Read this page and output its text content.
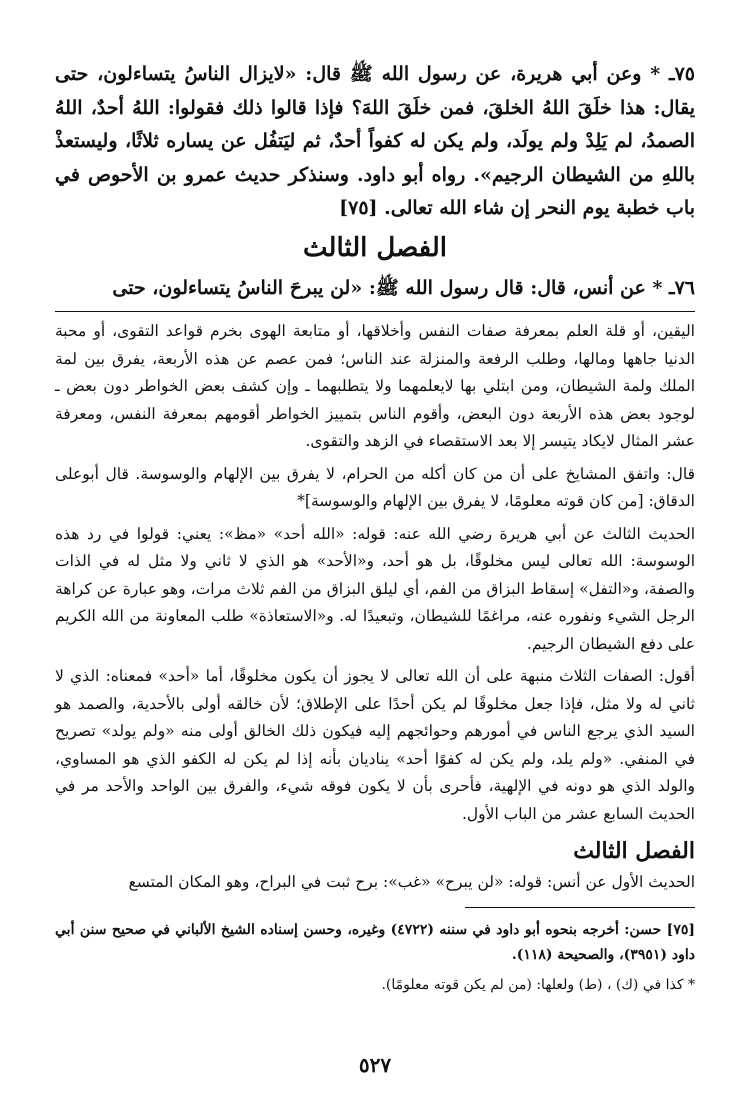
٧٥ـ * وعن أبي هريرة، عن رسول الله ﷺ قال: «لايزال الناسُ يتساءلون، حتى يقال: هذا خلَقَ اللهُ الخلقَ، فمن خلَقَ اللهَ؟ فإذا قالوا ذلك فقولوا: اللهُ أحدٌ، اللهُ الصمدُ، لم يَلِدْ ولم يولَد، ولم يكن له كفواً أحدٌ، ثم ليَتفُل عن يساره ثلاثًا، وليستعذْ باللهِ من الشيطان الرجيم». رواه أبو داود. وسنذكر حديث عمرو بن الأحوص في باب خطبة يوم النحر إن شاء الله تعالى. [٧٥]

الفصل الثالث

٧٦ـ * عن أنس، قال: قال رسول الله ﷺ: «لن يبرحَ الناسُ يتساءلون، حتى

اليقين، أو قلة العلم بمعرفة صفات النفس وأخلاقها، أو متابعة الهوى بخرم قواعد التقوى، أو محبة الدنيا جاهها ومالها، وطلب الرفعة والمنزلة عند الناس؛ فمن عصم عن هذه الأربعة، يفرق بين لمة الملك ولمة الشيطان، ومن ابتلي بها لايعلمهما ولا يتطلبهما ـ وإن كشف بعض الخواطر دون بعض ـ لوجود بعض هذه الأربعة دون البعض، وأقوم الناس بتمييز الخواطر أقومهم بمعرفة النفس، ومعرفة عشر المثال لايكاد يتيسر إلا بعد الاستقصاء في الزهد والتقوى.

قال: واتفق المشايخ على أن من كان أكله من الحرام، لا يفرق بين الإلهام والوسوسة. قال أبوعلى الدقاق: [من كان قوته معلومًا، لا يفرق بين الإلهام والوسوسة]*

الحديث الثالث عن أبي هريرة رضي الله عنه: قوله: «الله أحد» «مظ»: يعني: قولوا في رد هذه الوسوسة: الله تعالى ليس مخلوقًا، بل هو أحد، و«الأحد» هو الذي لا ثاني ولا مثل له في الذات والصفة، و«التفل» إسقاط البزاق من الفم، أي ليلق البزاق من الفم ثلاث مرات، وهو عبارة عن كراهة الرجل الشيء ونفوره عنه، مراغمًا للشيطان، وتبعيدًا له. و«الاستعاذة» طلب المعاونة من الله الكريم على دفع الشيطان الرجيم.

أقول: الصفات الثلاث منبهة على أن الله تعالى لا يجوز أن يكون مخلوقًا، أما «أحد» فمعناه: الذي لا ثاني له ولا مثل، فإذا جعل مخلوقًا لم يكن أحدًا على الإطلاق؛ لأن خالقه أولى بالأحدية، والصمد هو السيد الذي يرجع الناس في أمورهم وحوائجهم إليه فيكون ذلك الخالق أولى منه «ولم يولد» تصريح في المنفي. «ولم يلد، ولم يكن له كفوًا أحد» ينادیان بأنه إذا لم يكن له الكفو الذي هو المساوي، والولد الذي هو دونه في الإلهية، فأحرى بأن لا يكون فوقه شيء، والفرق بين الواحد والأحد مر في الحديث السابع عشر من الباب الأول.

الفصل الثالث

الحديث الأول عن أنس: قوله: «لن يبرح» «غب»: برح ثبت في البراح، وهو المكان المتسع

[٧٥] حسن: أخرجه بنحوه أبو داود في سننه (٤٧٢٢) وغيره، وحسن إسناده الشيخ الألباني في صحيح سنن أبي داود (٣٩٥١)، والصحيحة (١١٨).

* كذا في (ك) ، (ط) ولعلها: (من لم يكن قوته معلومًا).

٥٢٧
